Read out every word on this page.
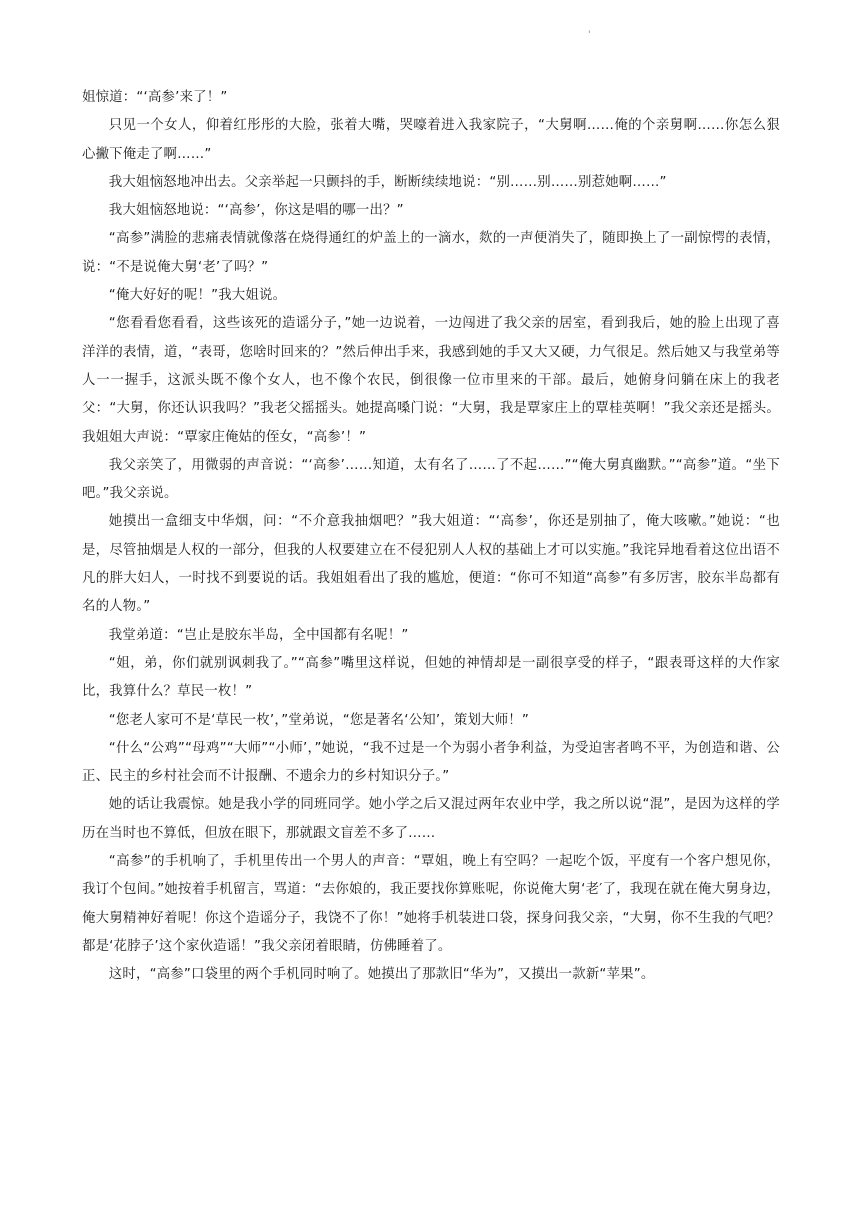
'

姐惊道：“‘高参’来了！”

只见一个女人，仰着红彤彤的大脸，张着大嘴，哭嚎着进入我家院子，“大舅啊……俺的个亲舅啊……你怎么狠心撇下俺走了啊……”

我大姐恼怒地冲出去。父亲举起一只颤抖的手，断断续续地说：“别……别……别惹她啊……”

我大姐恼怒地说：“‘高参’，你这是唱的哪一出？”

“高参”满脸的悲痛表情就像落在烧得通红的炉盖上的一滴水，欻的一声便消失了，随即换上了一副惊愕的表情，说：“不是说俺大舅‘老’了吗？”

“俺大好好的呢！”我大姐说。

“您看看您看看，这些该死的造谣分子，”她一边说着，一边闯进了我父亲的居室，看到我后，她的脸上出现了喜洋洋的表情，道，“表哥，您啥时回来的？”然后伸出手来，我感到她的手又大又硬，力气很足。然后她又与我堂弟等人一一握手，这派头既不像个女人，也不像个农民，倒很像一位市里来的干部。最后，她俯身问躺在床上的我老父：“大舅，你还认识我吗？”我老父摇摇头。她提高嗓门说：“大舅，我是覃家庄上的覃桂英啊！”我父亲还是摇头。我姐姐大声说：“覃家庄俺姑的侄女，“高参’！”

我父亲笑了，用微弱的声音说：“‘高参’……知道，太有名了……了不起……”“俺大舅真幽默。”“高参”道。“坐下吧。”我父亲说。

她摸出一盒细支中华烟，问：“不介意我抽烟吧？”我大姐道：“‘高参’，你还是别抽了，俺大咳嗽。”她说：“也是，尽管抽烟是人权的一部分，但我的人权要建立在不侵犯别人人权的基础上才可以实施。”我诧异地看着这位出语不凡的胖大妇人，一时找不到要说的话。我姐姐看出了我的尴尬，便道：“你可不知道“高参”有多厉害，胶东半岛都有名的人物。”

我堂弟道：“岂止是胶东半岛，全中国都有名呢！”

“姐，弟，你们就别讽刺我了。”“高参”嘴里这样说，但她的神情却是一副很享受的样子，“跟表哥这样的大作家比，我算什么？草民一枚！”

“您老人家可不是‘草民一枚’，”堂弟说，“您是著名‘公知’，策划大师！”

“什么“公鸡”“母鸡”“大师”“小师’，”她说，“我不过是一个为弱小者争利益，为受迫害者鸣不平，为创造和谐、公正、民主的乡村社会而不计报酬、不遗余力的乡村知识分子。”

她的话让我震惊。她是我小学的同班同学。她小学之后又混过两年农业中学，我之所以说“混”，是因为这样的学历在当时也不算低，但放在眼下，那就跟文盲差不多了……

“高参”的手机响了，手机里传出一个男人的声音：“覃姐，晚上有空吗？一起吃个饭，平度有一个客户想见你，我订个包间。”她按着手机留言，骂道：“去你娘的，我正要找你算账呢，你说俺大舅‘老′了，我现在就在俺大舅身边，俺大舅精神好着呢！你这个造谣分子，我饶不了你！”她将手机装进口袋，探身问我父亲，“大舅，你不生我的气吧？都是‘花脖子’这个家伙造谣！”我父亲闭着眼睛，仿佛睡着了。

这时，“高参”口袋里的两个手机同时响了。她摸出了那款旧“华为”，又摸出一款新“苹果”。
